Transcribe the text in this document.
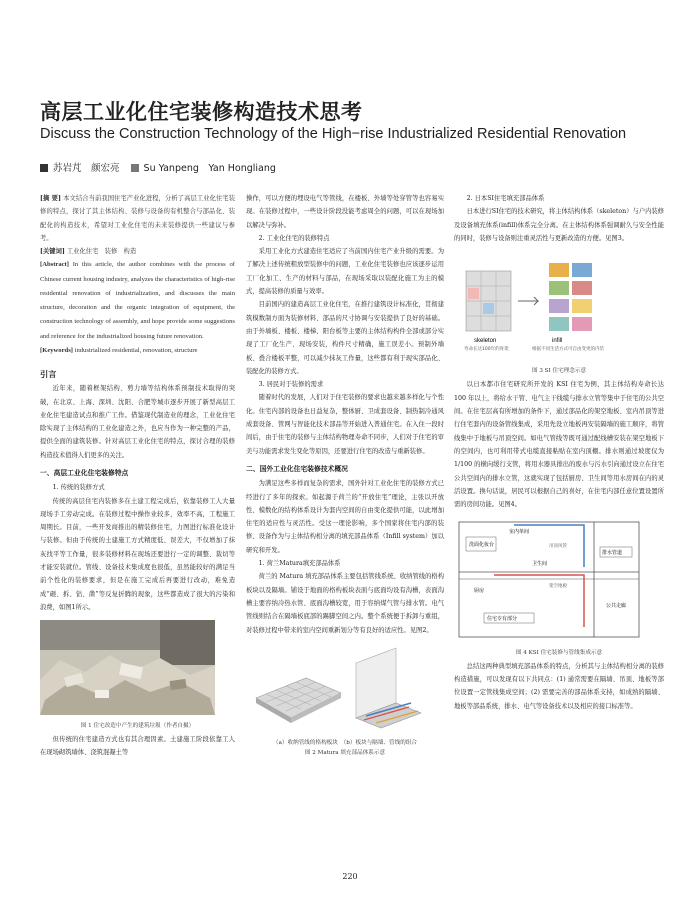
高层工业化住宅装修构造技术思考
Discuss the Construction Technology of the High−rise Industrialized Residential Renovation
苏岩芃　颜宏亮	Su Yanpeng　Yan Hongliang

[摘 要] 本文结合当前我国住宅产业化进程，分析了高层工业化住宅装修的特点，探讨了其主体结构、装修与设备的有机整合与部品化、装配化的构造技术，希望对工业化住宅的未来装修提供一些建议与参考。

[关键词] 工业化住宅　装修　构造

[Abstract] In this article, the author combines with the process of Chinese current housing industry, analyzes the characteristics of high-rise residential renovation of industrialization, and discusses the main structure, decoration and the organic integration of equipment, the construction technology of assembly, and hope provide some suggestions and reference for the industrialized housing future renovation.

[Keywords] industrialized residential, renovation, structure

引言

近年来，随着框架结构、剪力墙等结构体系预制技术取得的突破，在北京、上海、深圳、沈阳、合肥等城市逐步开展了新型高层工业化住宅建造试点和推广工作。借鉴现代制造业的理念，工业化住宅除实现了主体结构的工业化建造之外，也应当作为一种完整的产品，提供全面的建筑装修。针对高层工业化住宅的特点，探讨合理的装修构造技术值得人们更多的关注。

一、高层工业化住宅装修特点

1. 传统的装修方式

传统的高层住宅内装修多在土建工程完成后，依靠装修工人大量现场手工劳动完成。在装修过程中操作业较多，效率不高，工程施工周期长。目前，一些开发商推出的精装修住宅，力图进行标准化设计与装修。但由于传统的土建施工方式精度低、误差大，不仅增加了抹灰找平等工作量，很多装修材料在现场还要进行一定的调整、裁切等才能安装就位。管线、设备技术集成度也很低，虽然能较好的满足当前个性化的装修要求，但是在施工完成后再要进行改动，难免造成“砸、拆、钻、凿”等反复折腾的现象，这些都造成了很大的污染和浪费，如图1所示。

图 1 住宅改造中产生的建筑垃圾（作者自摄）

但传统的住宅建造方式也有其合理因素。土建施工阶段依靠工人在现场砌筑墙体、浇筑混凝土等

操作，可以方便的埋设电气等管线，在楼板、外墙等处穿管等也容易实现。在装修过程中，一些设计阶段没能考虑周全的问题，可以在现场加以解决与弥补。

2. 工业化住宅的装修特点

采用工业化方式建造住宅适应了当前国内住宅产业升级的需要。为了解决上述传统粗放型装修中的问题，工业化住宅装修也应该逐步运用工厂化加工、生产的材料与部品，在现场采取以装配化施工为主的模式，提高装修的质量与效率。

目前国内的建造高层工业化住宅，在推行建筑设计标准化，贯彻建筑模数制方面为装修材料、部品的尺寸协调与安装提供了良好的基础。由于外墙板、楼板、楼梯、阳台板等主要的主体结构构件全部或部分实现了工厂化生产、现场安装，构件尺寸精确，施工误差小。预制外墙板、叠合楼板平整，可以减少抹灰工作量，这些都有利于现实部品化、装配化的装修方式。

3. 居民对于装修的需求

随着时代的发展，人们对于住宅装修的要求也越来越多样化与个性化。住宅内部的设备也日益复杂，整体厨、卫成套设备、制热制冷通风成套设备、管网与智能化技术部品等开始进入普通住宅。在入住一段时间后，由于住宅的装修与主体结构物理寿命不同步，人们对于住宅的审美与功能需求发生变化等原因，还要进行住宅的改造与重新装修。

二、国外工业化住宅装修技术概况

为满足这些多样而复杂的需求，国外针对工业化住宅的装修方式已经进行了多年的探索。如起源于荷兰的“开放住宅”理论，主张以开放性、模数化的结构体系设计为套内空间的自由变化提供可能，以此增加住宅的适应性与灵活性。受这一理论影响，多个国家将住宅内部的装修、设备作为与主体结构相分离的填充部品体系（Infill system）加以研究和开发。

1. 荷兰Matura填充部品体系

荷兰的 Matura 填充部品体系主要包括管线系统、收纳管线的格构板块以及隔墙。铺设于地面的格构板块表面与底面均设有沟槽，表面沟槽主要容纳冷热水管、底面沟槽较宽，用于容纳煤气管与排水管。电气管线则结合在隔墙板底部的踢脚空间之内。整个系统便于拆卸与重组，对装修过程中带来的室内空间重新划分等有良好的适应性。见图2。

（a）收纳管线的格构板块　 （b）板块与隔墙、管线的组合
图 2 Matura 填充部品体系示意

2. 日本SI住宅填充部品体系

日本进行SI住宅的技术研究，将主体结构体系（skeleton）与户内装修及设备填充体系(infill)体系完全分离。在主体结构体系强调耐久与安全性能的同时，装修与设备则注重灵活性与更新改造的方便。见图3。

skeleton
寿命长达100年的骨架
infill
根据不同生活方式可自由变更的内装
图 3 SI 住宅理念示意

以日本都市住宅研究所开发的 KSI 住宅为例，其主体结构寿命长达 100 年以上，将给水干管、电气主干线缆与排水立管等集中于住宅的公共空间。在住宅层高有所增加的条件下，通过部品化的架空地板、室内吊顶等进行住宅套内的设备管线集成，采用先设立地板再安装隔墙的施工顺序，将管线集中于地板与吊顶空间。如电气管线等既可通过配线槽安装在架空地板下的空间内，也可利用带式电缆直接粘贴在室内顶棚。排水则通过坡度仅为 1/100 的横向缓行支管，将用水器具排出的废水与污水引向通过设立在住宅公共空间内的排水立管，这就实现了包括厨房、卫生间等用水房间在内的灵活设置。换句话说，居民可以根据自己的喜好，在住宅内部任意位置设置所需的房间功能。见图4。

洗面化妆台
室内单间
卫生间
厨房
住宅专有部分
排水管道
公共走廊
吊顶风管
架空地板
图 4 KSI 住宅装修与管线集成示意

总结这两种典型填充部品体系的特点，分析其与主体结构相分离的装修构造措施，可以发现有以下共同点：(1) 通常需要在隔墙、吊顶、地板等部位设置一定管线集成空间；(2) 需要完善的部品体系支持，如成熟的隔墙、地板等部品系统，排水、电气等设备技术以及相应的接口标准等。

220
